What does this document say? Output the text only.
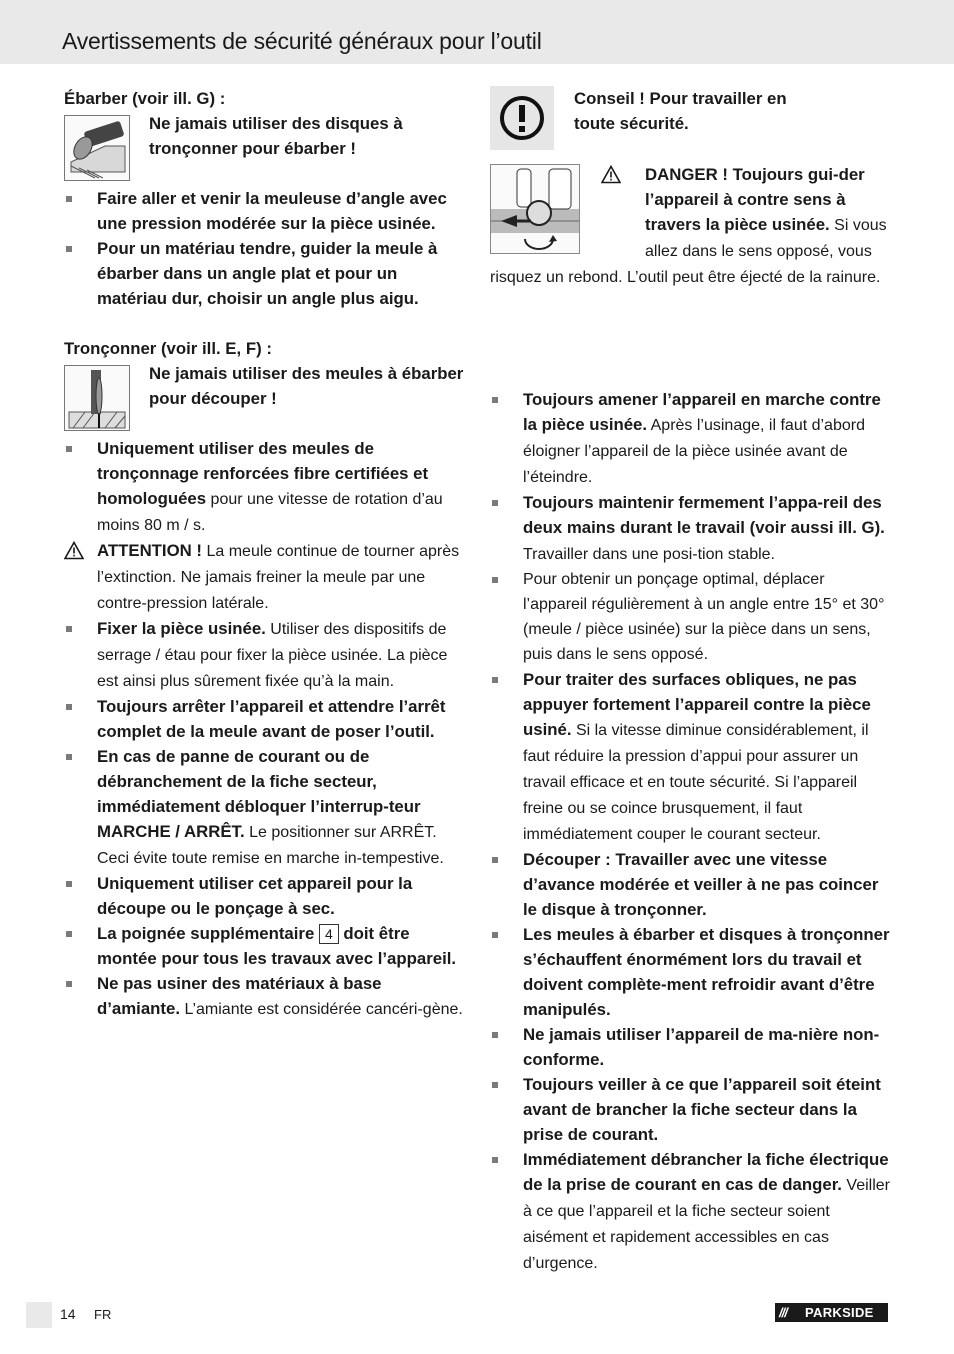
Avertissements de sécurité généraux pour l’outil

Ébarber (voir ill. G) :

Ne jamais utiliser des disques à tronçonner pour ébarber !

Faire aller et venir la meuleuse d’angle avec une pression modérée sur la pièce usinée.
Pour un matériau tendre, guider la meule à ébarber dans un angle plat et pour un matériau dur, choisir un angle plus aigu.

Tronçonner (voir ill. E, F) :

Ne jamais utiliser des meules à ébarber pour découper !

Uniquement utiliser des meules de tronçonnage renforcées fibre certifiées et homologuées pour une vitesse de rotation d’au moins 80 m / s.
ATTENTION ! La meule continue de tourner après l’extinction. Ne jamais freiner la meule par une contre-pression latérale.
Fixer la pièce usinée. Utiliser des dispositifs de serrage / étau pour fixer la pièce usinée. La pièce est ainsi plus sûrement fixée qu’à la main.
Toujours arrêter l’appareil et attendre l’arrêt complet de la meule avant de poser l’outil.
En cas de panne de courant ou de débranchement de la fiche secteur, immédiatement débloquer l’interrup-teur MARCHE / ARRÊT. Le positionner sur ARRÊT. Ceci évite toute remise en marche in-tempestive.
Uniquement utiliser cet appareil pour la découpe ou le ponçage à sec.
La poignée supplémentaire 4 doit être montée pour tous les travaux avec l’appareil.
Ne pas usiner des matériaux à base d’amiante. L’amiante est considérée cancéri-gène.

Conseil ! Pour travailler en toute sécurité.

DANGER ! Toujours gui-der l’appareil à contre sens à travers la pièce usinée. Si vous allez dans le sens opposé, vous risquez un rebond. L’outil peut être éjecté de la rainure.

Toujours amener l’appareil en marche contre la pièce usinée. Après l’usinage, il faut d’abord éloigner l’appareil de la pièce usinée avant de l’éteindre.
Toujours maintenir fermement l’appa-reil des deux mains durant le travail (voir aussi ill. G). Travailler dans une posi-tion stable.
Pour obtenir un ponçage optimal, déplacer l’appareil régulièrement à un angle entre 15° et 30° (meule / pièce usinée) sur la pièce dans un sens, puis dans le sens opposé.
Pour traiter des surfaces obliques, ne pas appuyer fortement l’appareil contre la pièce usiné. Si la vitesse diminue considérablement, il faut réduire la pression d’appui pour assurer un travail efficace et en toute sécurité. Si l’appareil freine ou se coince brusquement, il faut immédiatement couper le courant secteur.
Découper : Travailler avec une vitesse d’avance modérée et veiller à ne pas coincer le disque à tronçonner.
Les meules à ébarber et disques à tronçonner s’échauffent énormément lors du travail et doivent complète-ment refroidir avant d’être manipulés.
Ne jamais utiliser l’appareil de ma-nière non-conforme.
Toujours veiller à ce que l’appareil soit éteint avant de brancher la fiche secteur dans la prise de courant.
Immédiatement débrancher la fiche électrique de la prise de courant en cas de danger. Veiller à ce que l’appareil et la fiche secteur soient aisément et rapidement accessibles en cas d’urgence.
14 FR	/// PARKSIDE
